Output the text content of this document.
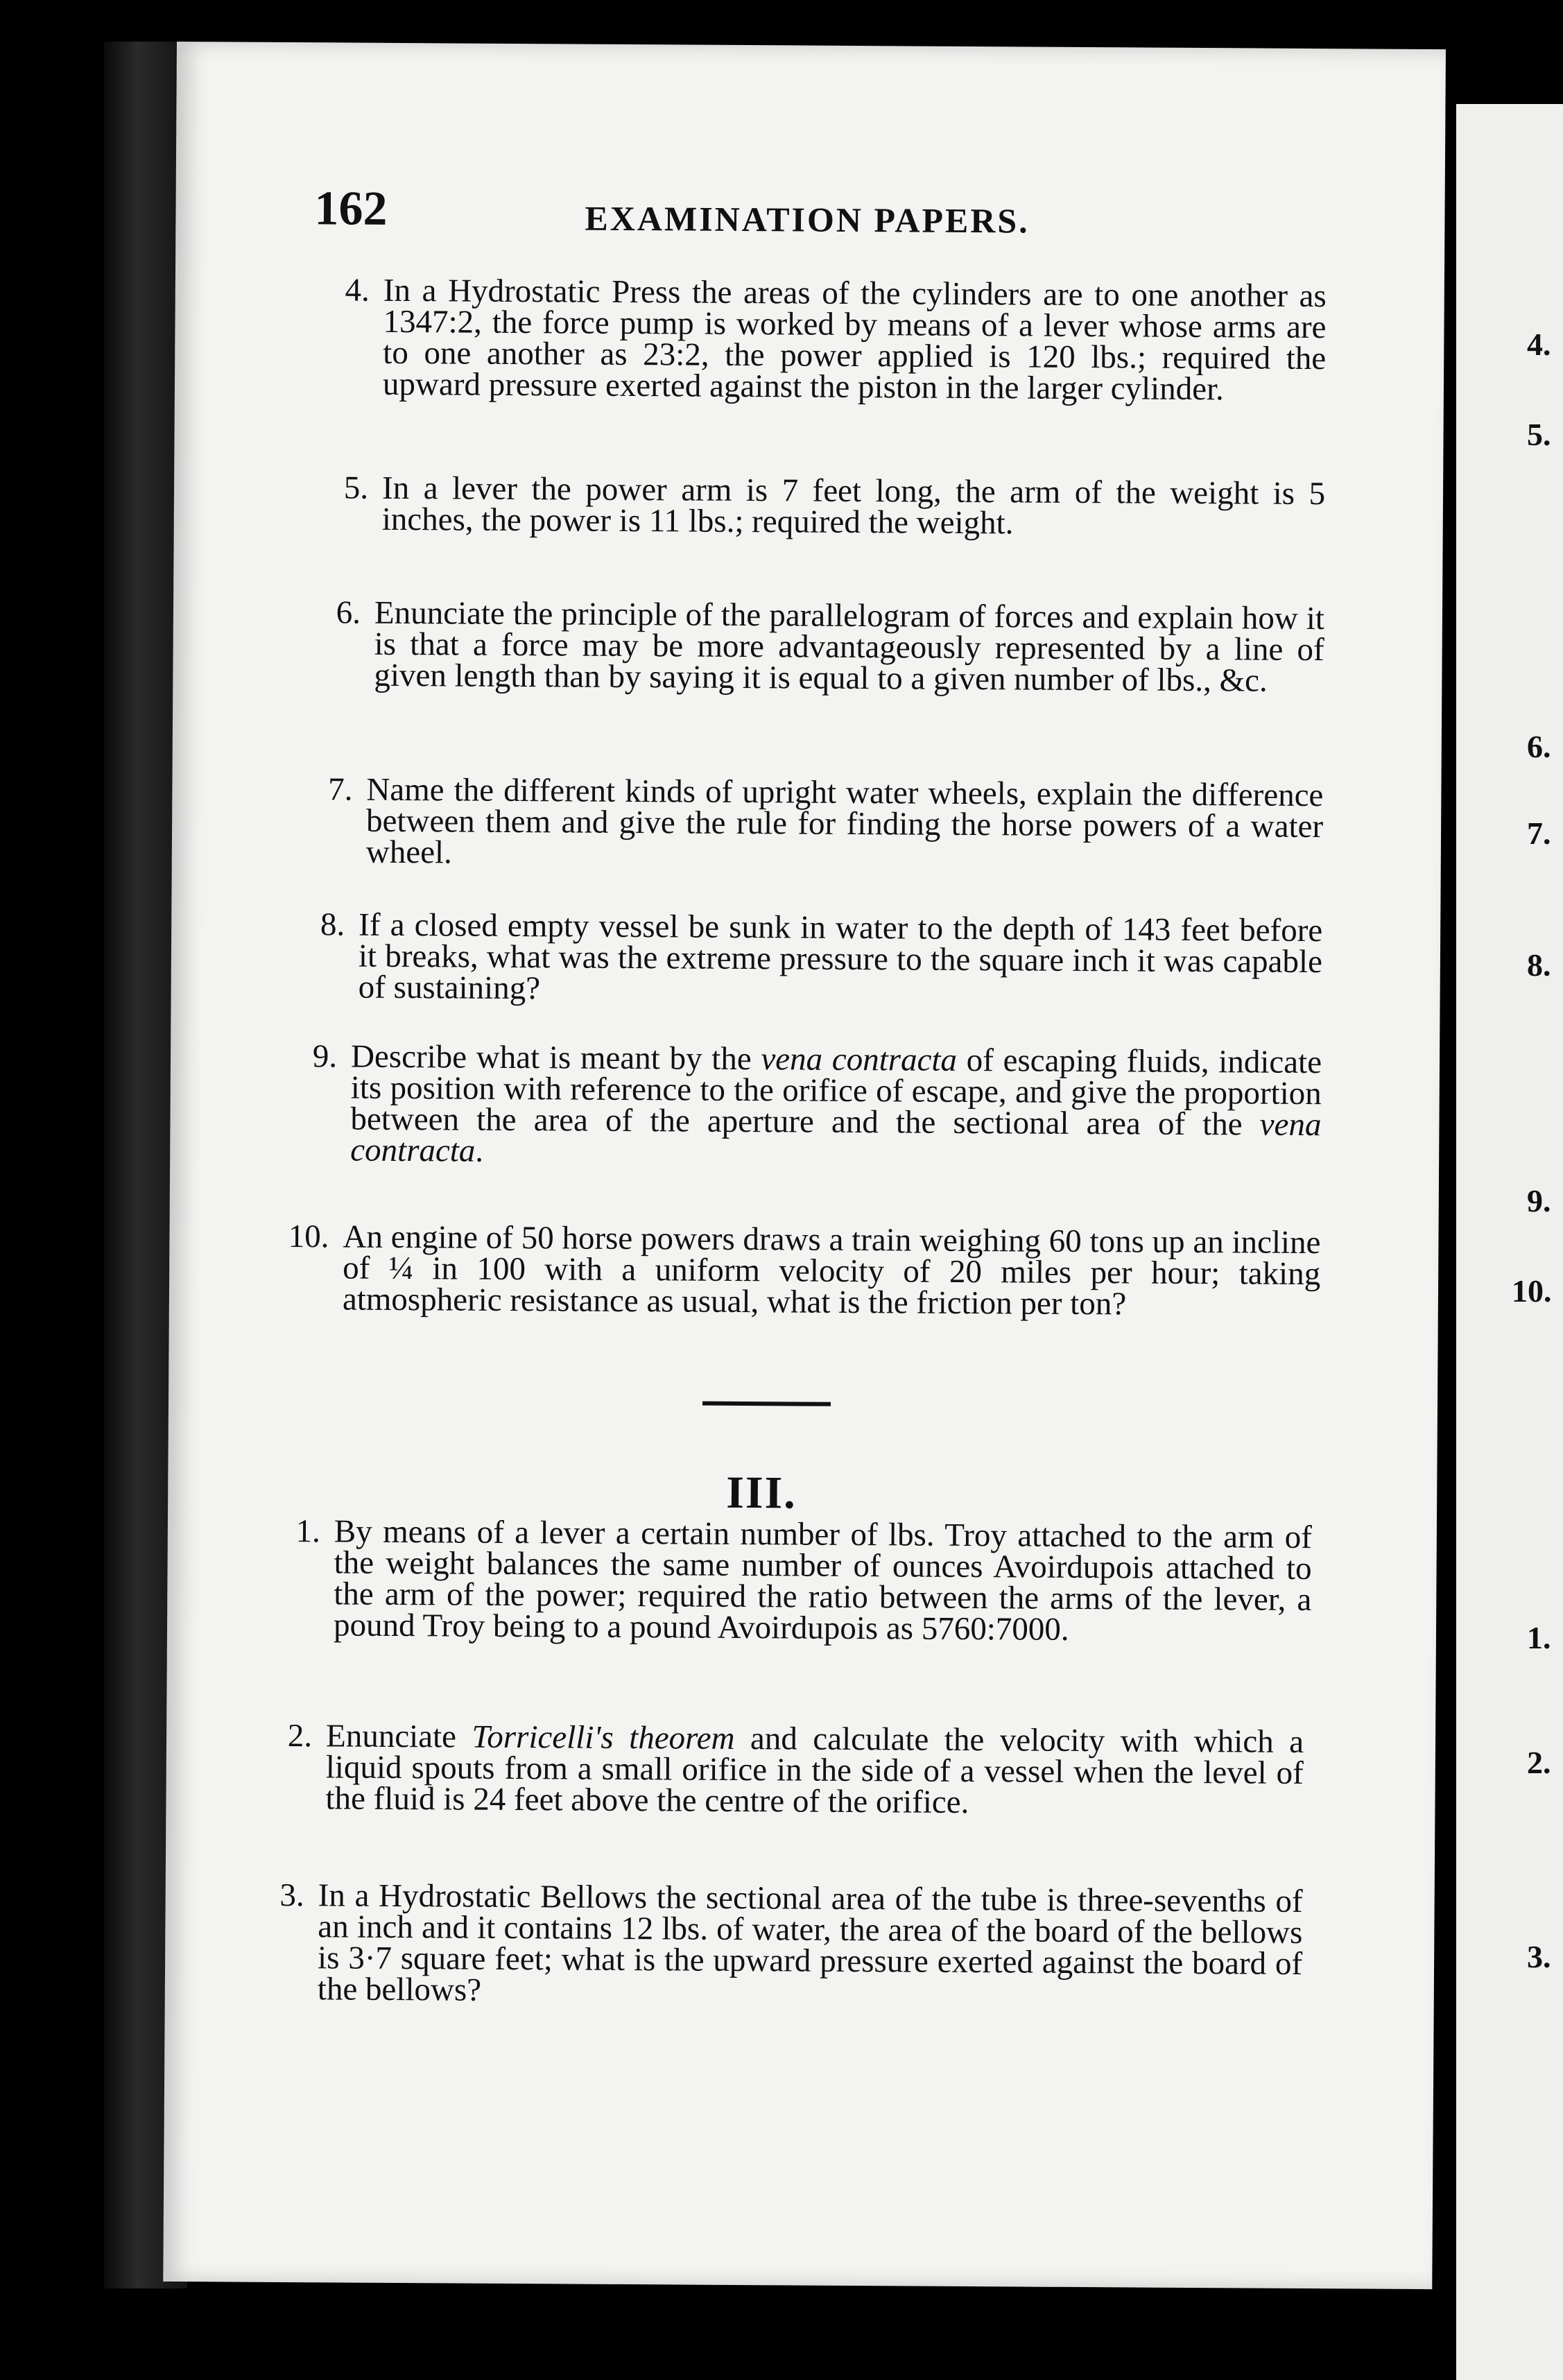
162	EXAMINATION PAPERS.
4. In a Hydrostatic Press the areas of the cylinders are to one another as 1347:2, the force pump is worked by means of a lever whose arms are to one another as 23:2, the power applied is 120 lbs.; required the upward pressure exerted against the piston in the larger cylinder.
5. In a lever the power arm is 7 feet long, the arm of the weight is 5 inches, the power is 11 lbs.; required the weight.
6. Enunciate the principle of the parallelogram of forces and explain how it is that a force may be more advantageously represented by a line of given length than by saying it is equal to a given number of lbs., &c.
7. Name the different kinds of upright water wheels, explain the difference between them and give the rule for finding the horse powers of a water wheel.
8. If a closed empty vessel be sunk in water to the depth of 143 feet before it breaks, what was the extreme pressure to the square inch it was capable of sustaining?
9. Describe what is meant by the vena contracta of escaping fluids, indicate its position with reference to the orifice of escape, and give the proportion between the area of the aperture and the sectional area of the vena contracta.
10. An engine of 50 horse powers draws a train weighing 60 tons up an incline of ¼ in 100 with a uniform velocity of 20 miles per hour; taking atmospheric resistance as usual, what is the friction per ton?
III.
1. By means of a lever a certain number of lbs. Troy attached to the arm of the weight balances the same number of ounces Avoirdupois attached to the arm of the power; required the ratio between the arms of the lever, a pound Troy being to a pound Avoirdupois as 5760:7000.
2. Enunciate Torricelli's theorem and calculate the velocity with which a liquid spouts from a small orifice in the side of a vessel when the level of the fluid is 24 feet above the centre of the orifice.
3. In a Hydrostatic Bellows the sectional area of the tube is three-sevenths of an inch and it contains 12 lbs. of water, the area of the board of the bellows is 3·7 square feet; what is the upward pressure exerted against the board of the bellows?
4.
5.
6.
7.
8.
9.
10.
1.
2.
3.
